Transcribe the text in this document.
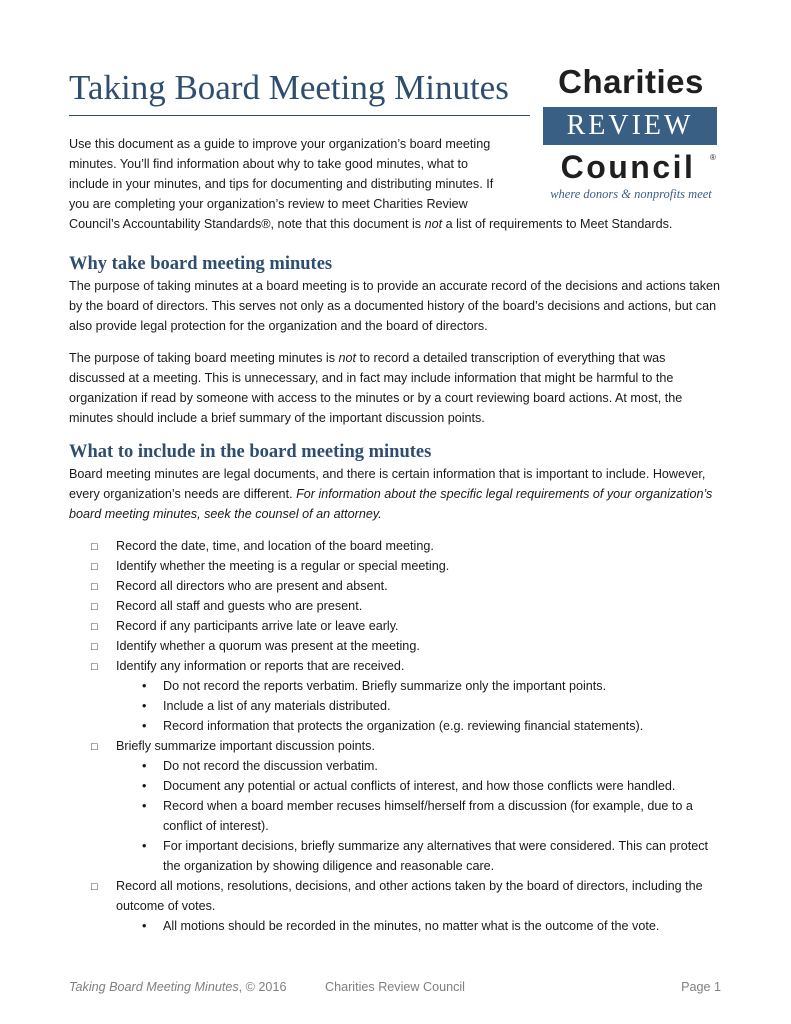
Taking Board Meeting Minutes	Charities
REVIEW
Council	®
where donors & nonprofits meet

Use this document as a guide to improve your organization’s board meeting minutes. You’ll find information about why to take good minutes, what to include in your minutes, and tips for documenting and distributing minutes. If you are completing your organization’s review to meet Charities Review

Council’s Accountability Standards®, note that this document is not a list of requirements to Meet Standards.

Why take board meeting minutes

The purpose of taking minutes at a board meeting is to provide an accurate record of the decisions and actions taken by the board of directors. This serves not only as a documented history of the board’s decisions and actions, but can also provide legal protection for the organization and the board of directors.

The purpose of taking board meeting minutes is not to record a detailed transcription of everything that was discussed at a meeting. This is unnecessary, and in fact may include information that might be harmful to the organization if read by someone with access to the minutes or by a court reviewing board actions. At most, the minutes should include a brief summary of the important discussion points.

What to include in the board meeting minutes

Board meeting minutes are legal documents, and there is certain information that is important to include. However, every organization’s needs are different. For information about the specific legal requirements of your organization’s board meeting minutes, seek the counsel of an attorney.

□ Record the date, time, and location of the board meeting.
□ Identify whether the meeting is a regular or special meeting.
□ Record all directors who are present and absent.
□ Record all staff and guests who are present.
□ Record if any participants arrive late or leave early.
□ Identify whether a quorum was present at the meeting.
□ Identify any information or reports that are received.
• Do not record the reports verbatim. Briefly summarize only the important points.
• Include a list of any materials distributed.
• Record information that protects the organization (e.g. reviewing financial statements).
□ Briefly summarize important discussion points.
• Do not record the discussion verbatim.
• Document any potential or actual conflicts of interest, and how those conflicts were handled.
• Record when a board member recuses himself/herself from a discussion (for example, due to a conflict of interest).
• For important decisions, briefly summarize any alternatives that were considered. This can protect the organization by showing diligence and reasonable care.
□ Record all motions, resolutions, decisions, and other actions taken by the board of directors, including the outcome of votes.
• All motions should be recorded in the minutes, no matter what is the outcome of the vote.
Taking Board Meeting Minutes, © 2016	Charities Review Council	Page 1
